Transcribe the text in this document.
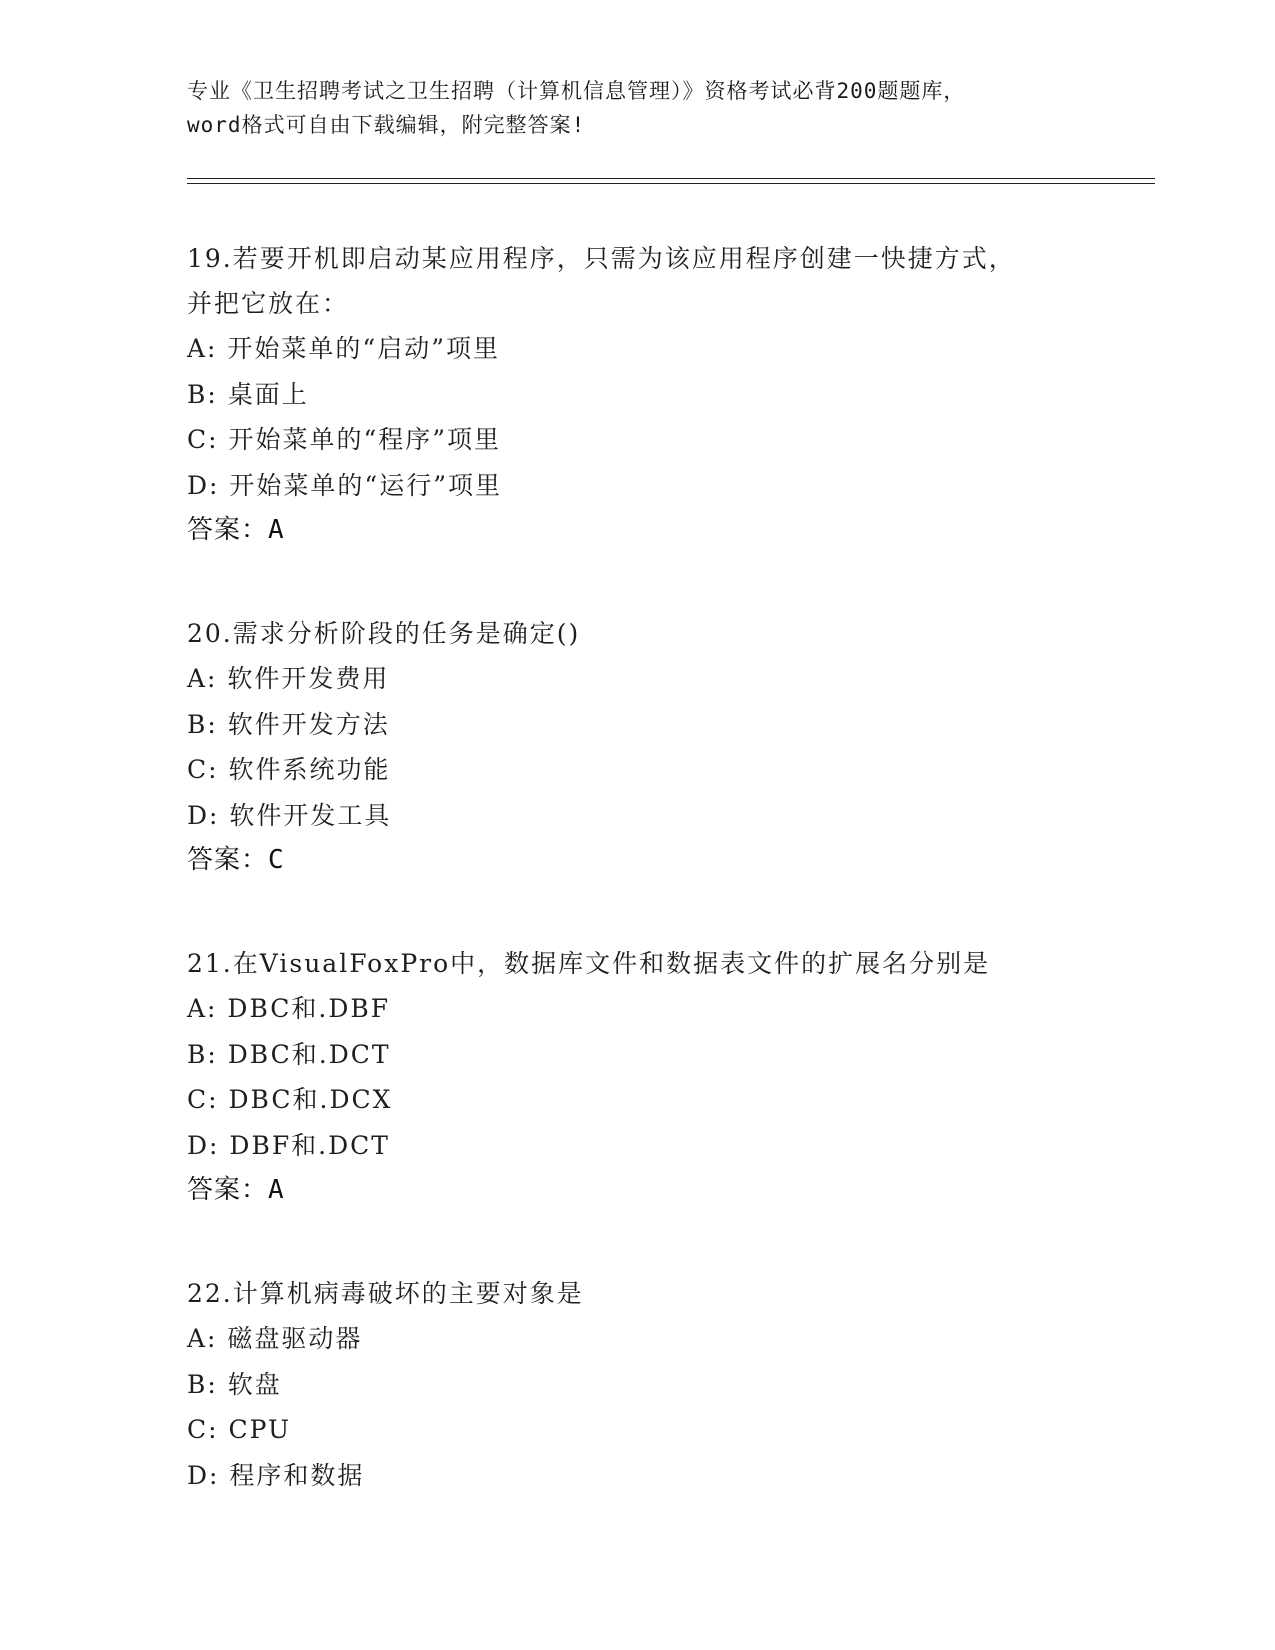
专业《卫生招聘考试之卫生招聘（计算机信息管理）》资格考试必背200题题库，
word格式可自由下载编辑，附完整答案!
19.若要开机即启动某应用程序，只需为该应用程序创建一快捷方式，
并把它放在：
A: 开始菜单的“启动”项里
B: 桌面上
C: 开始菜单的“程序”项里
D: 开始菜单的“运行”项里
答案：A
20.需求分析阶段的任务是确定()
A: 软件开发费用
B: 软件开发方法
C: 软件系统功能
D: 软件开发工具
答案：C
21.在VisualFoxPro中，数据库文件和数据表文件的扩展名分别是
A: DBC和.DBF
B: DBC和.DCT
C: DBC和.DCX
D: DBF和.DCT
答案：A
22.计算机病毒破坏的主要对象是
A: 磁盘驱动器
B: 软盘
C: CPU
D: 程序和数据
